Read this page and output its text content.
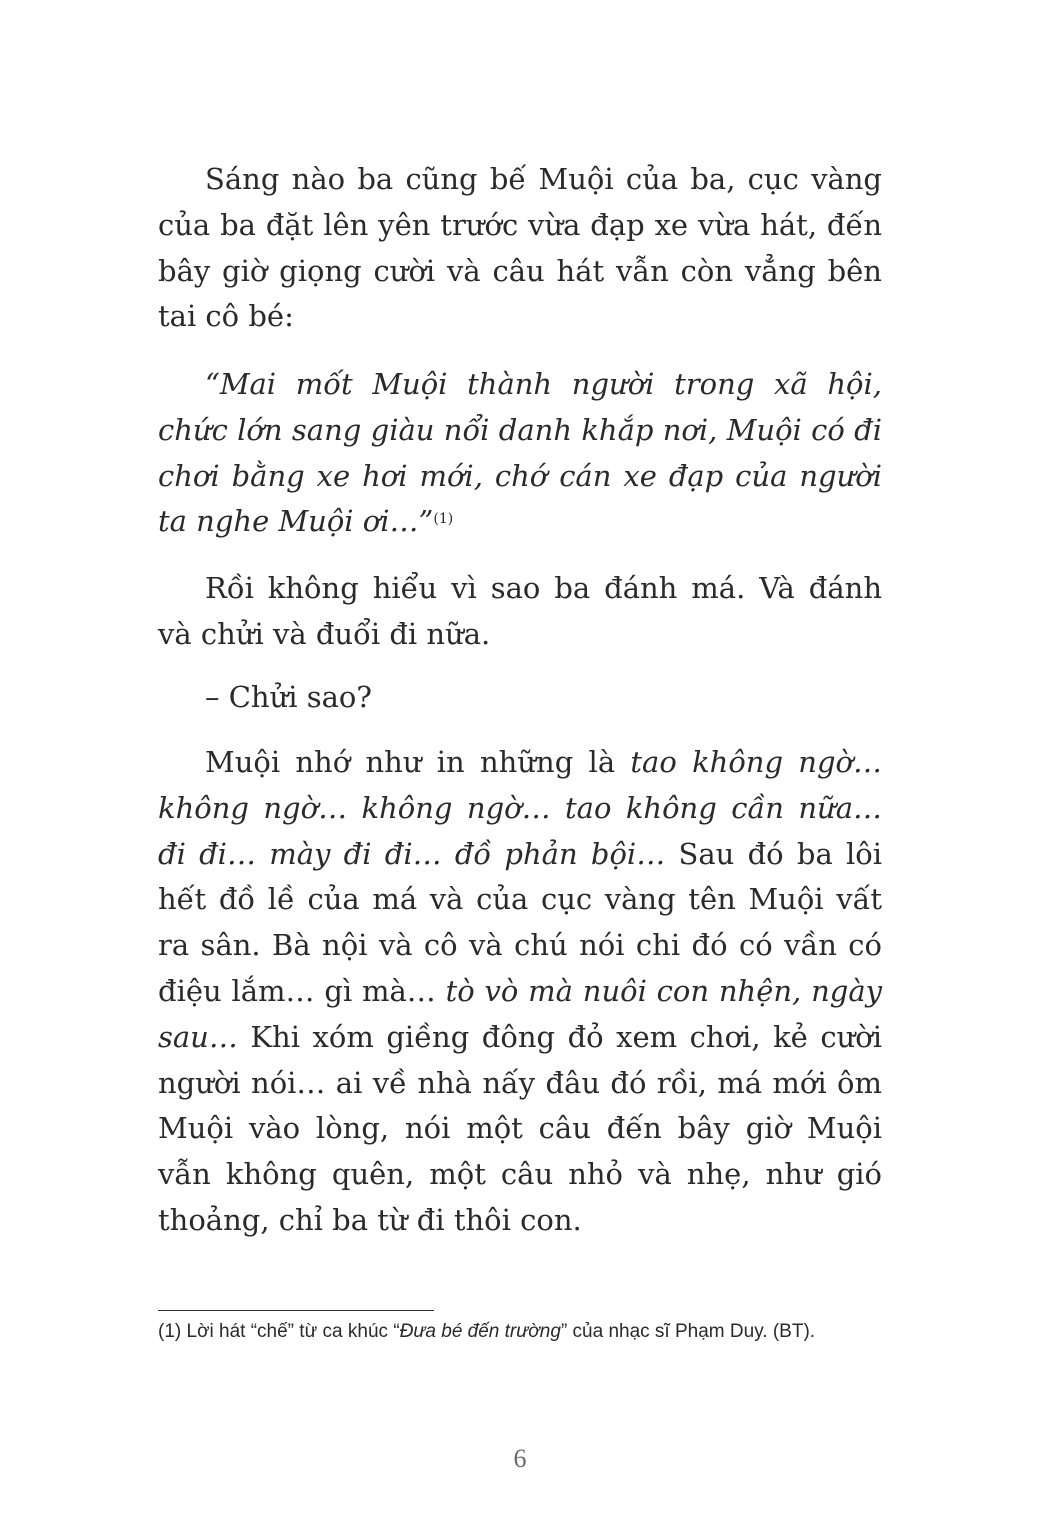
Sáng nào ba cũng bế Muội của ba, cục vàng của ba đặt lên yên trước vừa đạp xe vừa hát, đến bây giờ giọng cười và câu hát vẫn còn vẳng bên tai cô bé:

“Mai mốt Muội thành người trong xã hội, chức lớn sang giàu nổi danh khắp nơi, Muội có đi chơi bằng xe hơi mới, chớ cán xe đạp của người ta nghe Muội ơi…”$^{(1)}$

Rồi không hiểu vì sao ba đánh má. Và đánh và chửi và đuổi đi nữa.

– Chửi sao?

Muội nhớ như in những là tao không ngờ… không ngờ… không ngờ… tao không cần nữa… đi đi… mày đi đi… đồ phản bội… Sau đó ba lôi hết đồ lề của má và của cục vàng tên Muội vất ra sân. Bà nội và cô và chú nói chi đó có vần có điệu lắm… gì mà… tò vò mà nuôi con nhện, ngày sau… Khi xóm giềng đông đỏ xem chơi, kẻ cười người nói… ai về nhà nấy đâu đó rồi, má mới ôm Muội vào lòng, nói một câu đến bây giờ Muội vẫn không quên, một câu nhỏ và nhẹ, như gió thoảng, chỉ ba từ đi thôi con.

(1) Lời hát “chế” từ ca khúc “Đưa bé đến trường” của nhạc sĩ Phạm Duy. (BT).
6
